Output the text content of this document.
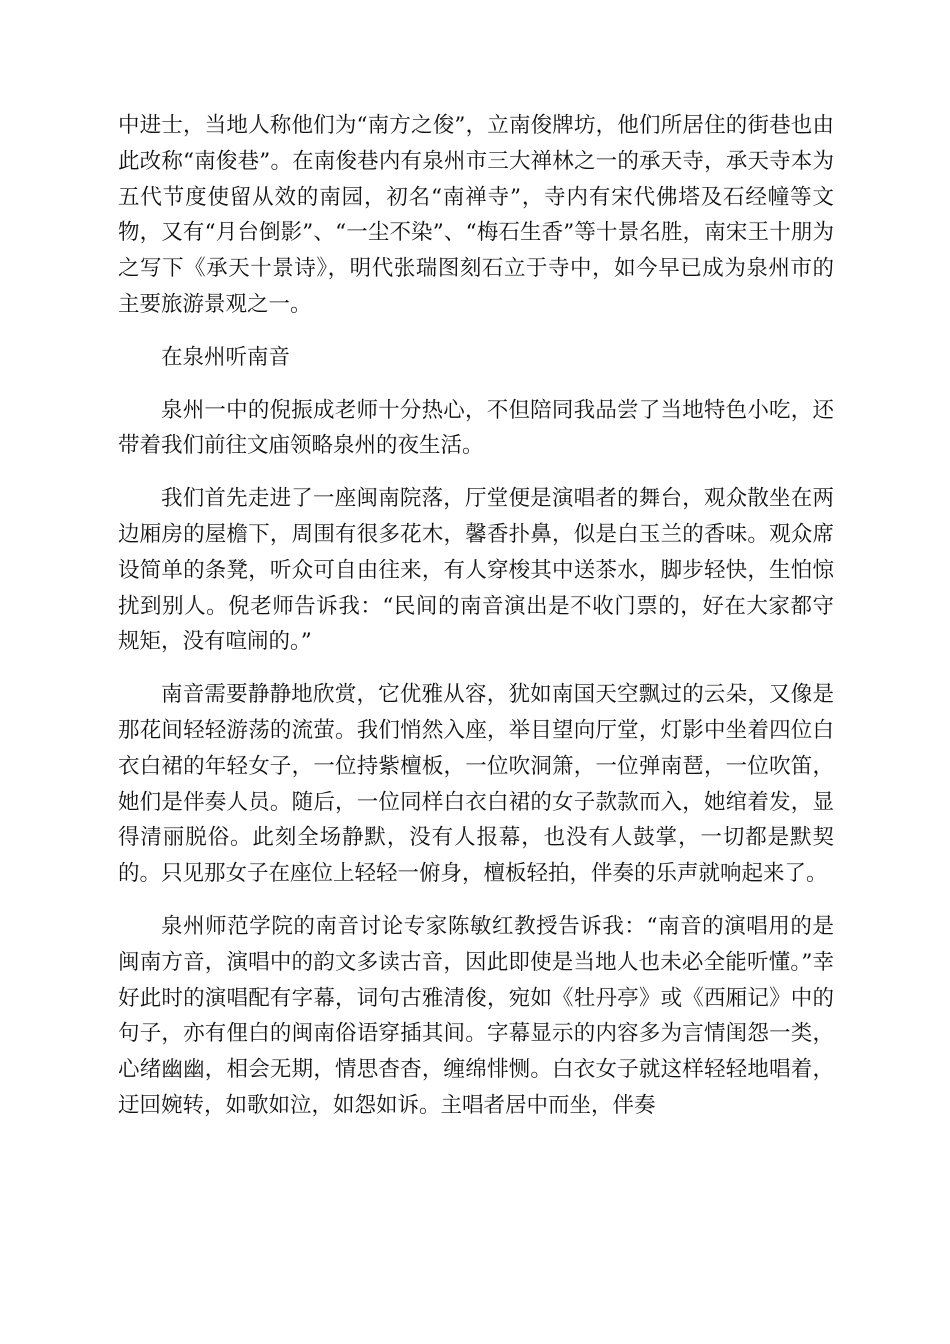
中进士，当地人称他们为“南方之俊”，立南俊牌坊，他们所居住的街巷也由此改称“南俊巷”。在南俊巷内有泉州市三大禅林之一的承天寺，承天寺本为五代节度使留从效的南园，初名“南禅寺”，寺内有宋代佛塔及石经幢等文物，又有“月台倒影”、“一尘不染”、“梅石生香”等十景名胜，南宋王十朋为之写下《承天十景诗》，明代张瑞图刻石立于寺中，如今早已成为泉州市的主要旅游景观之一。

在泉州听南音

泉州一中的倪振成老师十分热心，不但陪同我品尝了当地特色小吃，还带着我们前往文庙领略泉州的夜生活。

我们首先走进了一座闽南院落，厅堂便是演唱者的舞台，观众散坐在两边厢房的屋檐下，周围有很多花木，馨香扑鼻，似是白玉兰的香味。观众席设简单的条凳，听众可自由往来，有人穿梭其中送茶水，脚步轻快，生怕惊扰到别人。倪老师告诉我：“民间的南音演出是不收门票的，好在大家都守规矩，没有喧闹的。”

南音需要静静地欣赏，它优雅从容，犹如南国天空飘过的云朵，又像是那花间轻轻游荡的流萤。我们悄然入座，举目望向厅堂，灯影中坐着四位白衣白裙的年轻女子，一位持紫檀板，一位吹洞箫，一位弹南琶，一位吹笛，她们是伴奏人员。随后，一位同样白衣白裙的女子款款而入，她绾着发，显得清丽脱俗。此刻全场静默，没有人报幕，也没有人鼓掌，一切都是默契的。只见那女子在座位上轻轻一俯身，檀板轻拍，伴奏的乐声就响起来了。

泉州师范学院的南音讨论专家陈敏红教授告诉我：“南音的演唱用的是闽南方音，演唱中的韵文多读古音，因此即使是当地人也未必全能听懂。”幸好此时的演唱配有字幕，词句古雅清俊，宛如《牡丹亭》或《西厢记》中的句子，亦有俚白的闽南俗语穿插其间。字幕显示的内容多为言情闺怨一类，心绪幽幽，相会无期，情思杳杳，缠绵悱恻。白衣女子就这样轻轻地唱着，迂回婉转，如歌如泣，如怨如诉。主唱者居中而坐，伴奏
